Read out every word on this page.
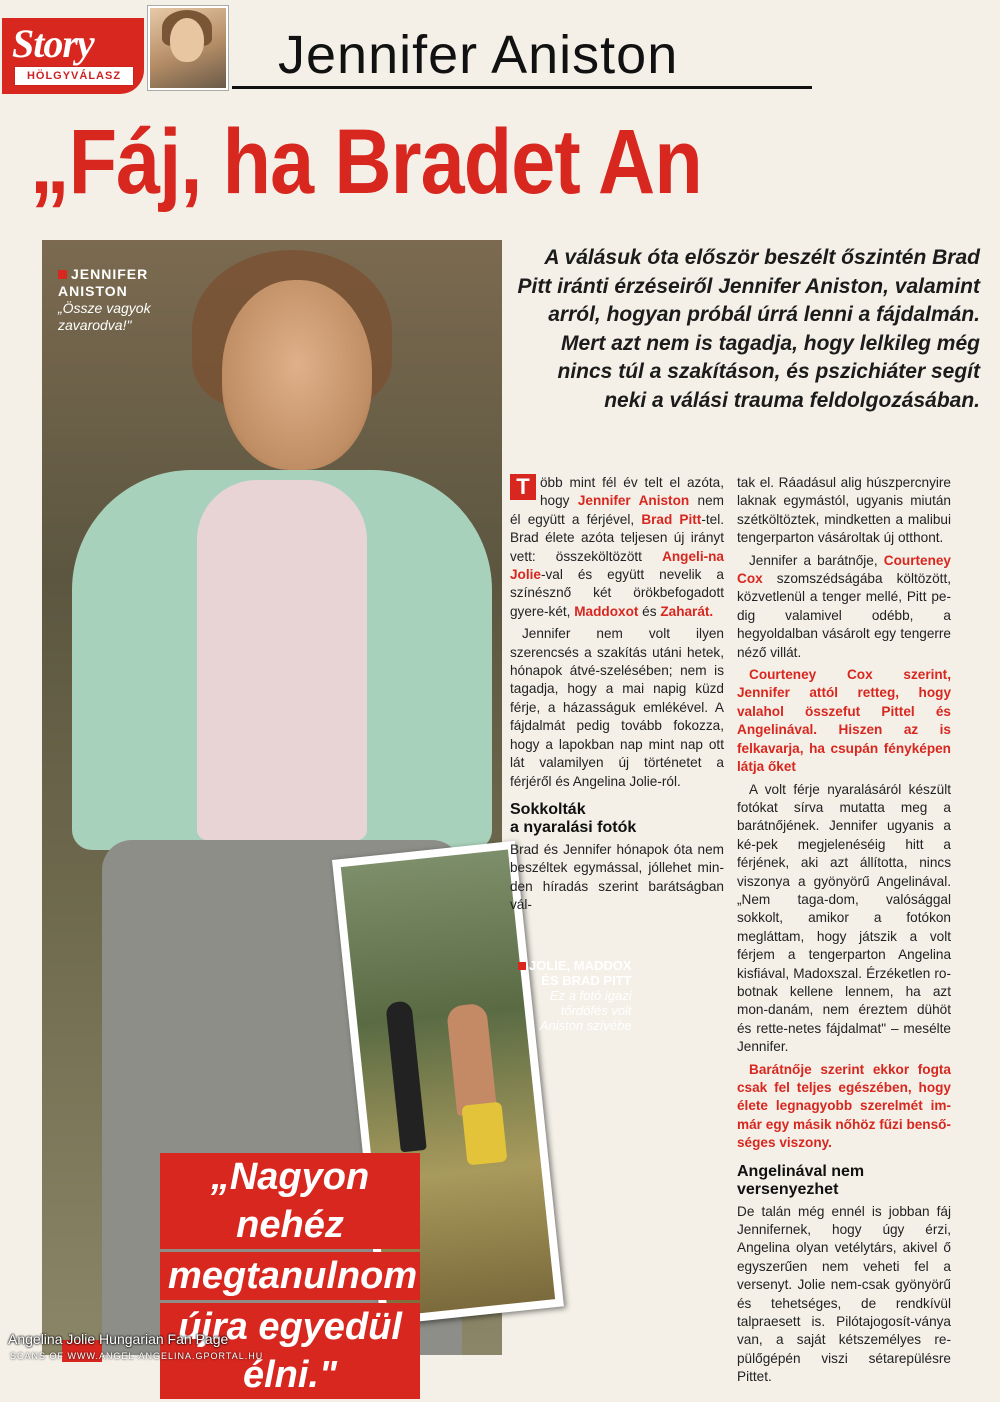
Story
HÖLGYVÁLASZ	Jennifer Aniston
„Fáj, ha Bradet An
JENNIFER
ANISTON
„Össze vagyok zavarodva!"
JOLIE, MADDOX
ÉS BRAD PITT
Ez a fotó igazi
tőrdöfés volt
Aniston szívébe
„Nagyon nehéz
megtanulnom
újra egyedül élni."
A válásuk óta először beszélt őszintén Brad Pitt iránti érzéseiről Jennifer Aniston, valamint arról, hogyan próbál úrrá lenni a fájdalmán. Mert azt nem is tagadja, hogy lelkileg még nincs túl a szakításon, és pszichiáter segít neki a válási trauma feldolgozásában.

T öbb mint fél év telt el azóta, hogy Jennifer Aniston nem él együtt a férjével, Brad Pitt-tel. Brad élete azóta teljesen új irányt vett: összeköltözött Angeli-na Jolie-val és együtt nevelik a színésznő két örökbefogadott gyere-két, Maddoxot és Zaharát.

Jennifer nem volt ilyen szerencsés a szakítás utáni hetek, hónapok átvé-szelésében; nem is tagadja, hogy a mai napig küzd férje, a házasságuk emlékével. A fájdalmát pedig tovább fokozza, hogy a lapokban nap mint nap ott lát valamilyen új történetet a férjéről és Angelina Jolie-ról.

Sokkolták
a nyaralási fotók

Brad és Jennifer hónapok óta nem beszéltek egymással, jóllehet min-den híradás szerint barátságban vál-

tak el. Ráadásul alig húszpercnyire laknak egymástól, ugyanis miután szétköltöztek, mindketten a malibui tengerparton vásároltak új otthont.

Jennifer a barátnője, Courteney Cox szomszédságába költözött, közvetlenül a tenger mellé, Pitt pe-dig valamivel odébb, a hegyoldalban vásárolt egy tengerre néző villát.

Courteney Cox szerint, Jennifer attól retteg, hogy valahol összefut Pittel és Angelinával. Hiszen az is felkavarja, ha csupán fényképen látja őket

A volt férje nyaralásáról készült fotókat sírva mutatta meg a barátnőjének. Jennifer ugyanis a ké-pek megjelenéséig hitt a férjének, aki azt állította, nincs viszonya a gyönyörű Angelinával. „Nem taga-dom, valósággal sokkolt, amikor a fotókon megláttam, hogy játszik a volt férjem a tengerparton Angelina kisfiával, Madoxszal. Érzéketlen ro-botnak kellene lennem, ha azt mon-danám, nem éreztem dühöt és rette-netes fájdalmat" – mesélte Jennifer.

Barátnője szerint ekkor fogta csak fel teljes egészében, hogy élete legnagyobb szerelmét im-már egy másik nőhöz fűzi benső-séges viszony.

Angelinával nem
versenyezhet

De talán még ennél is jobban fáj Jennifernek, hogy úgy érzi, Angelina olyan vetélytárs, akivel ő egyszerűen nem veheti fel a versenyt. Jolie nem-csak gyönyörű és tehetséges, de rendkívül talpraesett is. Pilótajogosít-ványa van, a saját kétszemélyes re-pülőgépén viszi sétarepülésre Pittet.

Angelina Jolie Hungarian Fan Page
SCANS OF WWW.ANGEL-ANGELINA.GPORTAL.HU
